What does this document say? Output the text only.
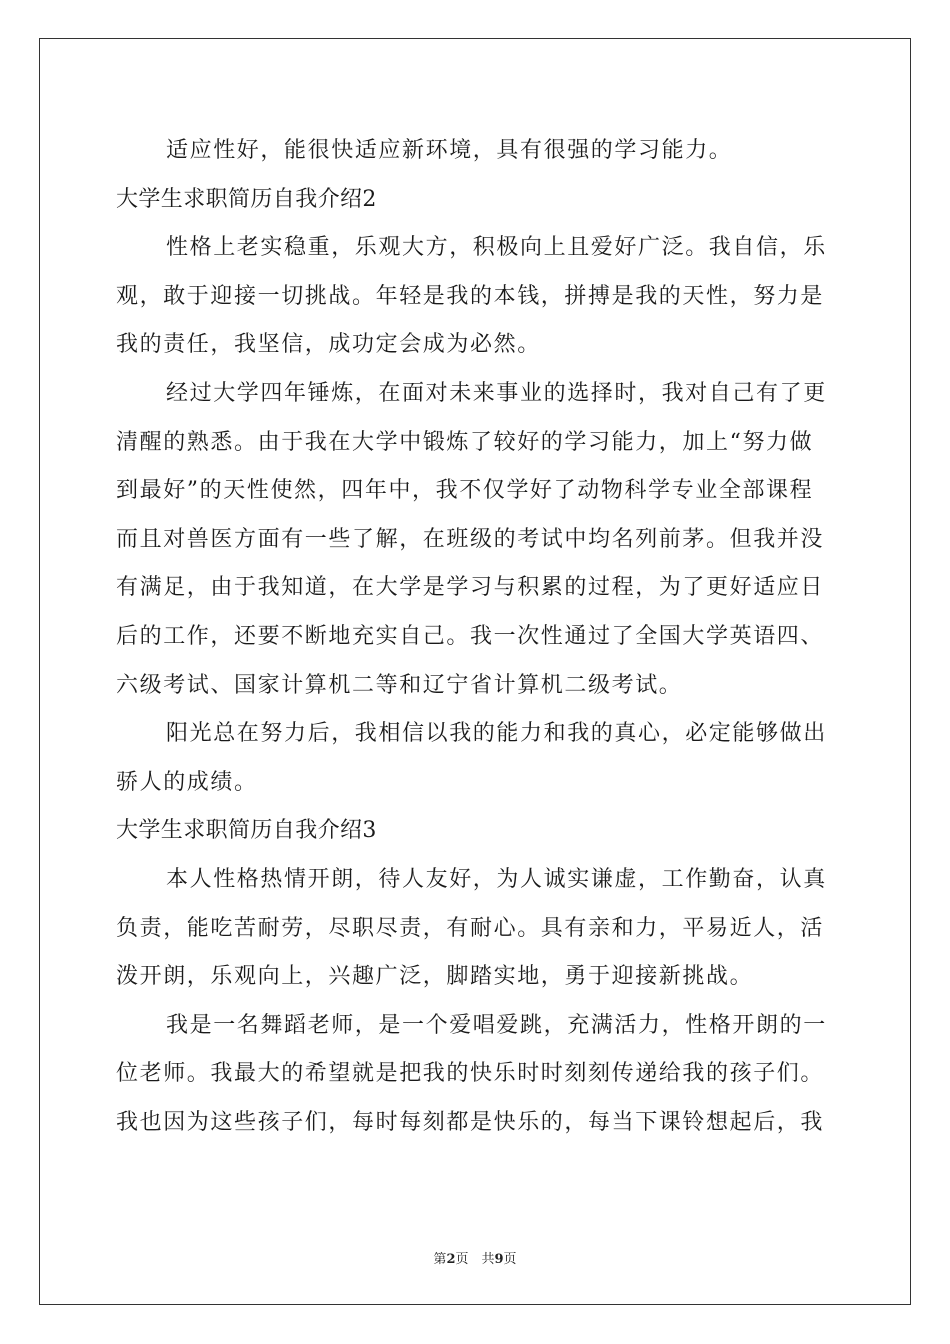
适应性好，能很快适应新环境，具有很强的学习能力。
大学生求职简历自我介绍2
性格上老实稳重，乐观大方，积极向上且爱好广泛。我自信，乐
观，敢于迎接一切挑战。年轻是我的本钱，拼搏是我的天性，努力是
我的责任，我坚信，成功定会成为必然。
经过大学四年锤炼，在面对未来事业的选择时，我对自己有了更
清醒的熟悉。由于我在大学中锻炼了较好的学习能力，加上“努力做
到最好”的天性使然，四年中，我不仅学好了动物科学专业全部课程
而且对兽医方面有一些了解，在班级的考试中均名列前茅。但我并没
有满足，由于我知道，在大学是学习与积累的过程，为了更好适应日
后的工作，还要不断地充实自己。我一次性通过了全国大学英语四、
六级考试、国家计算机二等和辽宁省计算机二级考试。
阳光总在努力后，我相信以我的能力和我的真心，必定能够做出
骄人的成绩。
大学生求职简历自我介绍3
本人性格热情开朗，待人友好，为人诚实谦虚，工作勤奋，认真
负责，能吃苦耐劳，尽职尽责，有耐心。具有亲和力，平易近人，活
泼开朗，乐观向上，兴趣广泛，脚踏实地，勇于迎接新挑战。
我是一名舞蹈老师，是一个爱唱爱跳，充满活力，性格开朗的一
位老师。我最大的希望就是把我的快乐时时刻刻传递给我的孩子们。
我也因为这些孩子们，每时每刻都是快乐的，每当下课铃想起后，我
第2页　共9页
